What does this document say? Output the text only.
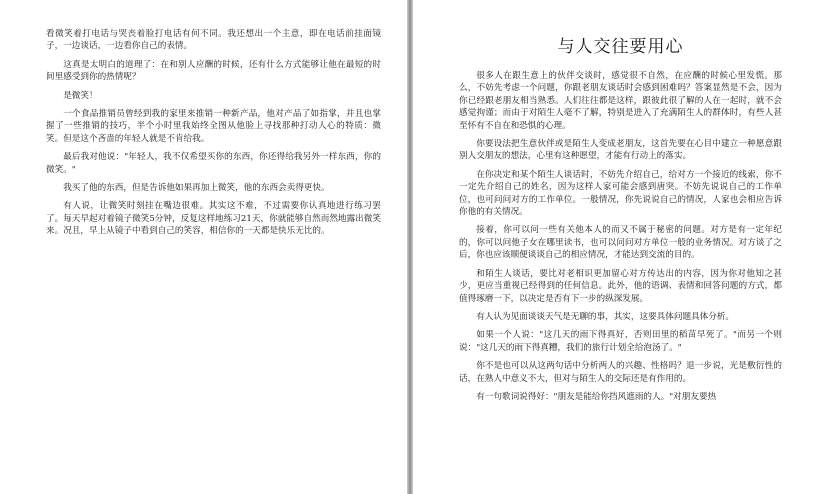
看微笑着打电话与哭丧着脸打电话有何不同。我还想出一个主意，即在电话前挂面镜子，一边谈话，一边看你自己的表情。

这真是太明白的道理了：在和别人应酬的时候，还有什么方式能够让他在最短的时间里感受到你的热情呢？

是微笑！

一个食品推销员曾经到我的家里来推销一种新产品，他对产品了如指掌，并且也掌握了一些推销的技巧，半个小时里我始终全图从他脸上寻找那种打动人心的特质：微笑。但是这个吝啬的年轻人就是不肯给我。

最后我对他说："年轻人，我不仅希望买你的东西，你还得给我另外一样东西，你的微笑。"

我买了他的东西，但是告诉他如果再加上微笑，他的东西会卖得更快。

有人说，让微笑时刻挂在嘴边很难。其实这不难，不过需要你认真地进行练习罢了。每天早起对着镜子微笑5分钟，反复这样地练习21天，你就能够自然而然地露出微笑来。况且，早上从镜子中看到自己的笑容，相信你的一天都是快乐无比的。

与人交往要用心

很多人在跟生意上的伙伴交谈时，感觉很不自然，在应酬的时候心里发慌。那么，不妨先考虑一个问题，你跟老朋友谈话时会感到困难吗？答案显然是不会，因为你已经跟老朋友相当熟悉。人们往往都是这样，跟彼此很了解的人在一起时，就不会感觉拘谨；而由于对陌生人毫不了解，特别是进入了充满陌生人的群体时，有些人甚至怀有不自在和恐惧的心理。

你要设法把生意伙伴或是陌生人变成老朋友，这首先要在心目中建立一种愿意跟别人交朋友的想法，心里有这种愿望，才能有行动上的落实。

在你决定和某个陌生人谈话时，不妨先介绍自己，给对方一个接近的线索，你不一定先介绍自己的姓名，因为这样人家可能会感到唐突。不妨先说说自己的工作单位，也可问问对方的工作单位。一般情况，你先说说自己的情况，人家也会相应告诉你他的有关情况。

接着，你可以问一些有关他本人的而又不属于秘密的问题。对方是有一定年纪的，你可以问他子女在哪里读书，也可以问问对方单位一般的业务情况。对方谈了之后，你也应该顺便谈谈自己的相应情况，才能达到交流的目的。

和陌生人谈话，要比对老相识更加留心对方传达出的内容，因为你对他知之甚少，更应当重视已经得到的任何信息。此外，他的语调、表情和回答问题的方式，都值得琢磨一下，以决定是否有下一步的纵深发展。

有人认为见面谈谈天气是无聊的事，其实，这要具体问题具体分析。

如果一个人说："这几天的雨下得真好，否则田里的稻苗早死了。"而另一个则说："这几天的雨下得真糟，我们的旅行计划全给泡汤了。"

你不是也可以从这两句话中分析两人的兴趣、性格吗？退一步说，光是敷衍性的话，在熟人中意义不大，但对与陌生人的交际还是有作用的。

有一句歌词说得好："朋友是能给你挡风遮雨的人。"对朋友要热
